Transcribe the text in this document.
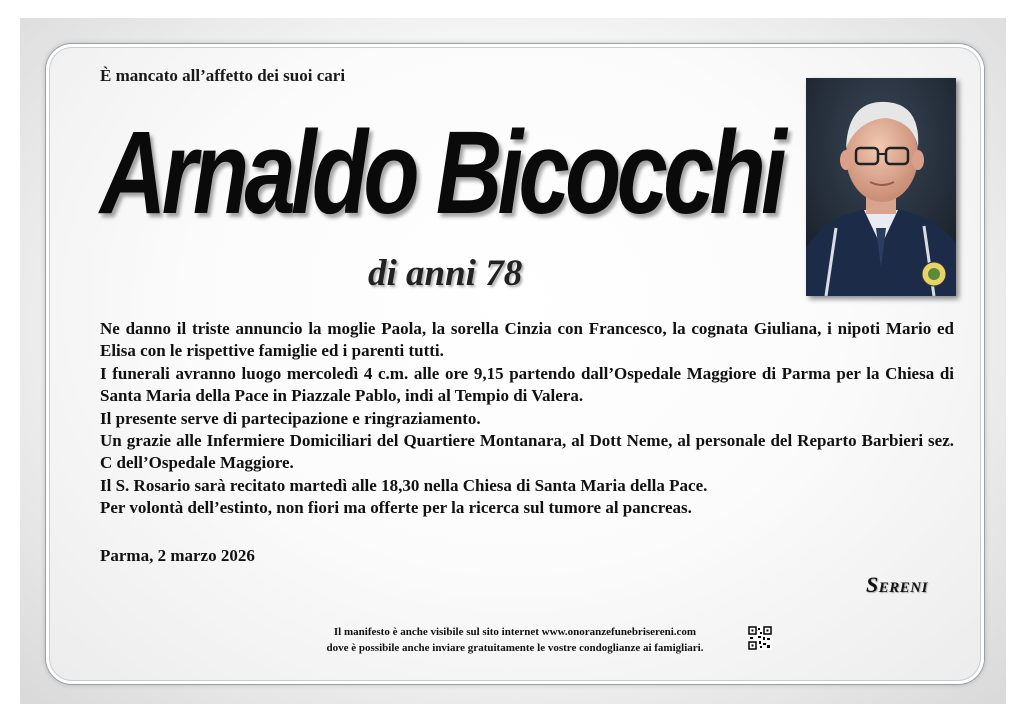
È mancato all’affetto dei suoi cari
Arnaldo Bicocchi
di anni 78

Ne danno il triste annuncio la moglie Paola, la sorella Cinzia con Francesco, la cognata Giuliana, i nipoti Mario ed Elisa con le rispettive famiglie ed i parenti tutti.

I funerali avranno luogo mercoledì 4 c.m. alle ore 9,15 partendo dall’Ospedale Maggiore di Parma per la Chiesa di Santa Maria della Pace in Piazzale Pablo, indi al Tempio di Valera.

Il presente serve di partecipazione e ringraziamento.

Un grazie alle Infermiere Domiciliari del Quartiere Montanara, al Dott Neme, al personale del Reparto Barbieri sez. C dell’Ospedale Maggiore.

Il S. Rosario sarà recitato martedì alle 18,30 nella Chiesa di Santa Maria della Pace.

Per volontà dell’estinto, non fiori ma offerte per la ricerca sul tumore al pancreas.

Parma, 2 marzo 2026
Sereni
Il manifesto è anche visibile sul sito internet www.onoranzefunebrisereni.com
dove è possibile anche inviare gratuitamente le vostre condoglianze ai famigliari.
